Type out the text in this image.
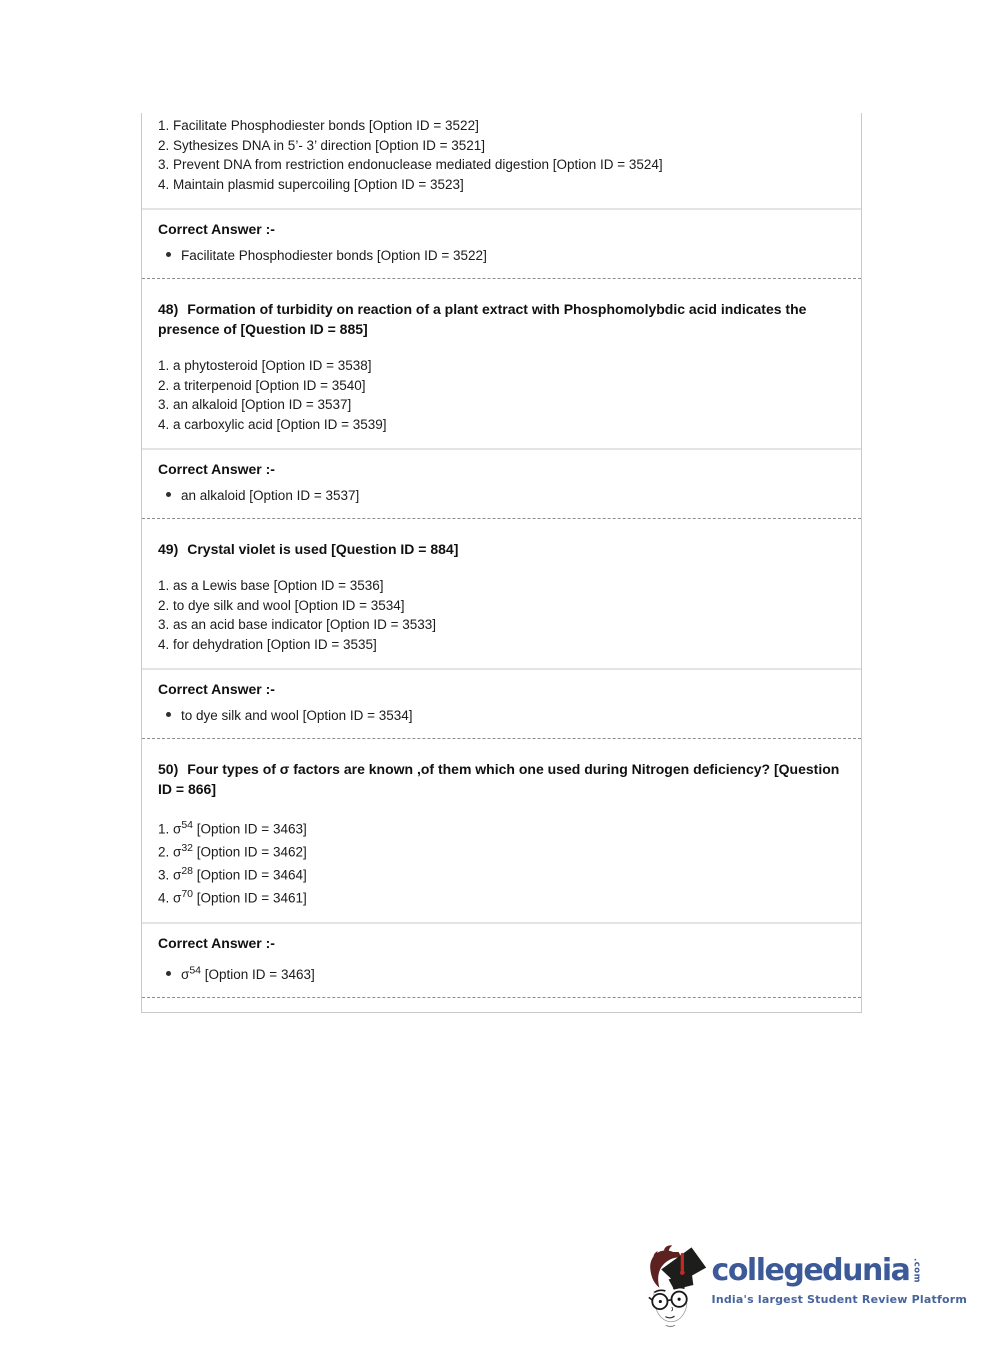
1. Facilitate Phosphodiester bonds [Option ID = 3522]
2. Sythesizes DNA in 5’- 3’ direction [Option ID = 3521]
3. Prevent DNA from restriction endonuclease mediated digestion [Option ID = 3524]
4. Maintain plasmid supercoiling [Option ID = 3523]
Correct Answer :-
Facilitate Phosphodiester bonds [Option ID = 3522]
48) Formation of turbidity on reaction of a plant extract with Phosphomolybdic acid indicates the presence of [Question ID = 885]
1. a phytosteroid [Option ID = 3538]
2. a triterpenoid [Option ID = 3540]
3. an alkaloid [Option ID = 3537]
4. a carboxylic acid [Option ID = 3539]
Correct Answer :-
an alkaloid [Option ID = 3537]
49) Crystal violet is used [Question ID = 884]
1. as a Lewis base [Option ID = 3536]
2. to dye silk and wool [Option ID = 3534]
3. as an acid base indicator [Option ID = 3533]
4. for dehydration [Option ID = 3535]
Correct Answer :-
to dye silk and wool [Option ID = 3534]
50) Four types of σ factors are known ,of them which one used during Nitrogen deficiency? [Question ID = 866]
1. $\sigma^{54}$ [Option ID = 3463]
2. $\sigma^{32}$ [Option ID = 3462]
3. $\sigma^{28}$ [Option ID = 3464]
4. $\sigma^{70}$ [Option ID = 3461]
Correct Answer :-
$\sigma^{54}$ [Option ID = 3463]
collegedunia .com
India's largest Student Review Platform
